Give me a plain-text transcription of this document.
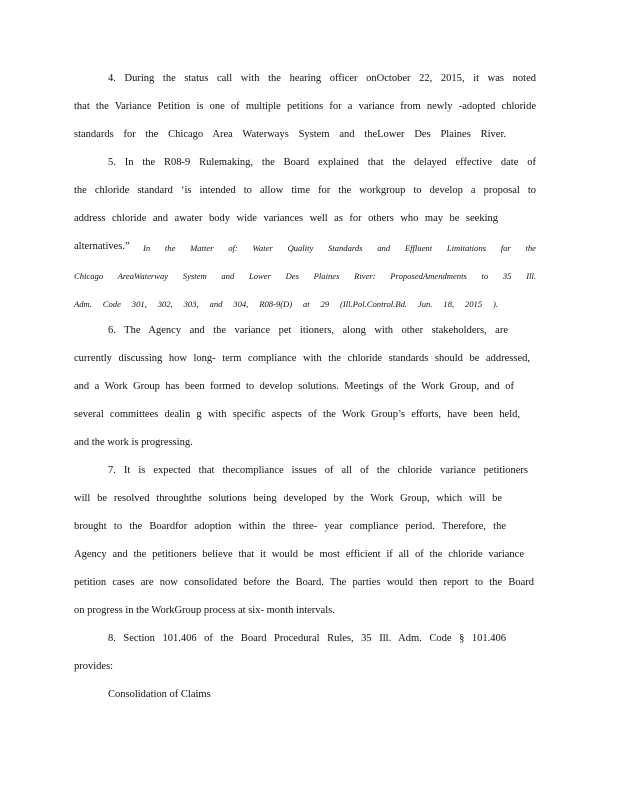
4. During the status call with the hearing officer onOctober 22, 2015, it was noted
that the Variance Petition is one of multiple petitions for a variance from newly -adopted chloride
standards for the Chicago Area Waterways System and theLower Des Plaines River.
5. In the R08-9 Rulemaking, the Board explained that the delayed effective date of
the chloride standard ‘is intended to allow time for the workgroup to develop a proposal to
address chloride and awater body wide variances well as for others who may be seeking
alternatives.”	In the Matter of: Water Quality Standards and Effluent Limitations for the
Chicago AreaWaterway System and Lower Des Plaines River: ProposedAmendments to 35 Ill.
Adm. Code 301, 302, 303, and 304, R08-9(D) at 29 (Ill.Pol.Control.Bd. Jun. 18, 2015 ).
6. The Agency and the variance pet itioners, along with other stakeholders, are
currently discussing how long- term compliance with the chloride standards should be addressed,
and a Work Group has been formed to develop solutions. Meetings of the Work Group, and of
several committees dealin g with specific aspects of the Work Group’s efforts, have been held,
and the work is progressing.
7. It is expected that thecompliance issues of all of the chloride variance petitioners
will be resolved throughthe solutions being developed by the Work Group, which will be
brought to the Boardfor adoption within the three- year compliance period. Therefore, the
Agency and the petitioners believe that it would be most efficient if all of the chloride variance
petition cases are now consolidated before the Board. The parties would then report to the Board
on progress in the WorkGroup process at six- month intervals.
8. Section 101.406 of the Board Procedural Rules, 35 Ill. Adm. Code § 101.406
provides:
Consolidation of Claims
